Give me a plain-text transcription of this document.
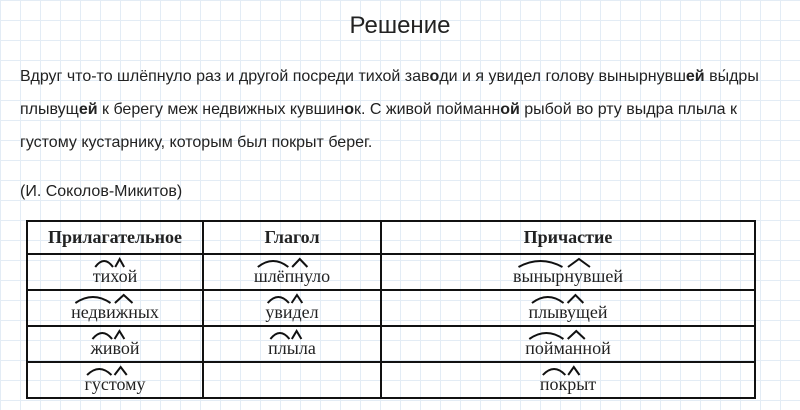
Решение
Вдруг что-то шлёпнуло раз и другой посреди тихой заводи и я увидел голову вынырнувшей вы́дры плывущей к берегу меж недвижных кувшинок. С живой пойманной рыбой во рту выдра плыла к густому кустарнику, которым был покрыт берег.
(И. Соколов-Микитов)
Прилагательное	Глагол	Причастие
тихой	шлёпнуло	вынырнувшей

недвижных	увидел	плывущей

живой	плыла	пойманной

густому		покрыт
